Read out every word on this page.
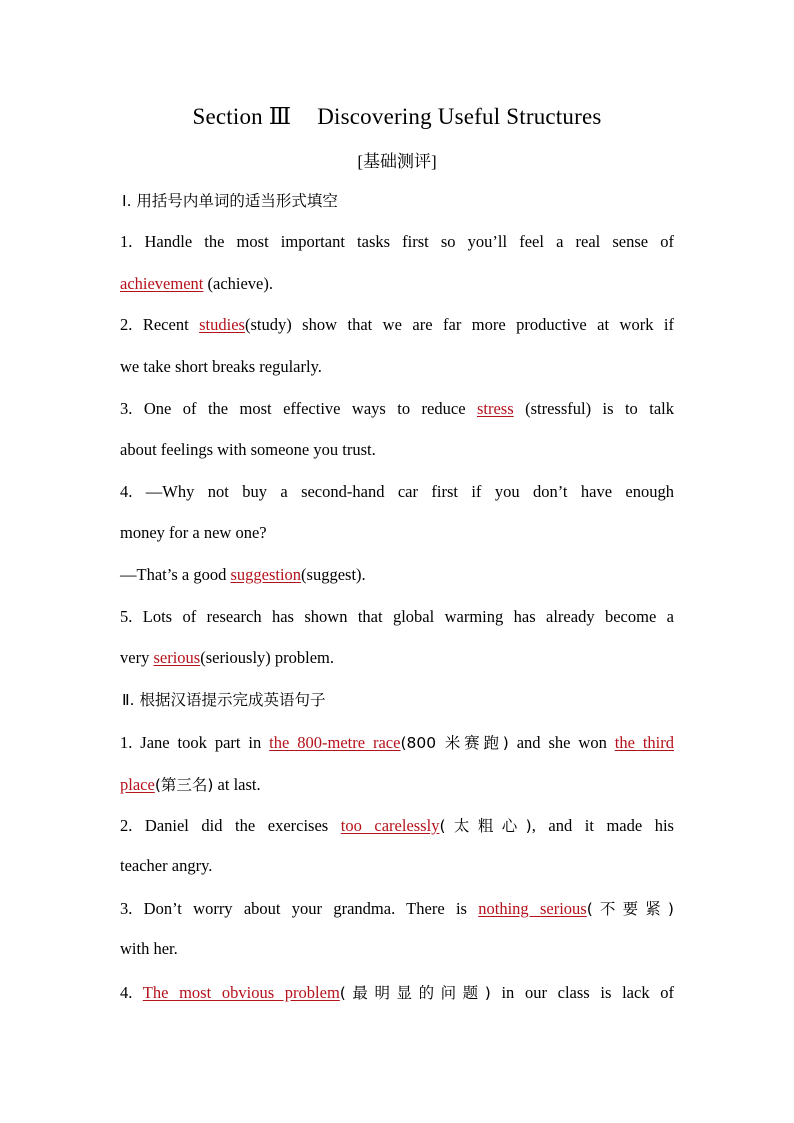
Section Ⅲ Discovering Useful Structures
[基础测评]
Ⅰ. 用括号内单词的适当形式填空
1. Handle the most important tasks first so you’ll feel a real sense of
achievement (achieve).
2. Recent studies(study) show that we are far more productive at work if
we take short breaks regularly.
3. One of the most effective ways to reduce stress (stressful) is to talk
about feelings with someone you trust.
4. —Why not buy a second-hand car first if you don’t have enough
money for a new one?
—That’s a good suggestion(suggest).
5. Lots of research has shown that global warming has already become a
very serious(seriously) problem.
Ⅱ. 根据汉语提示完成英语句子
1. Jane took part in the 800-metre race(800 米赛跑) and she won the third
place(第三名) at last.
2. Daniel did the exercises too carelessly(太粗心), and it made his
teacher angry.
3. Don’t worry about your grandma. There is nothing serious(不要紧)
with her.
4. The most obvious problem(最明显的问题) in our class is lack of
